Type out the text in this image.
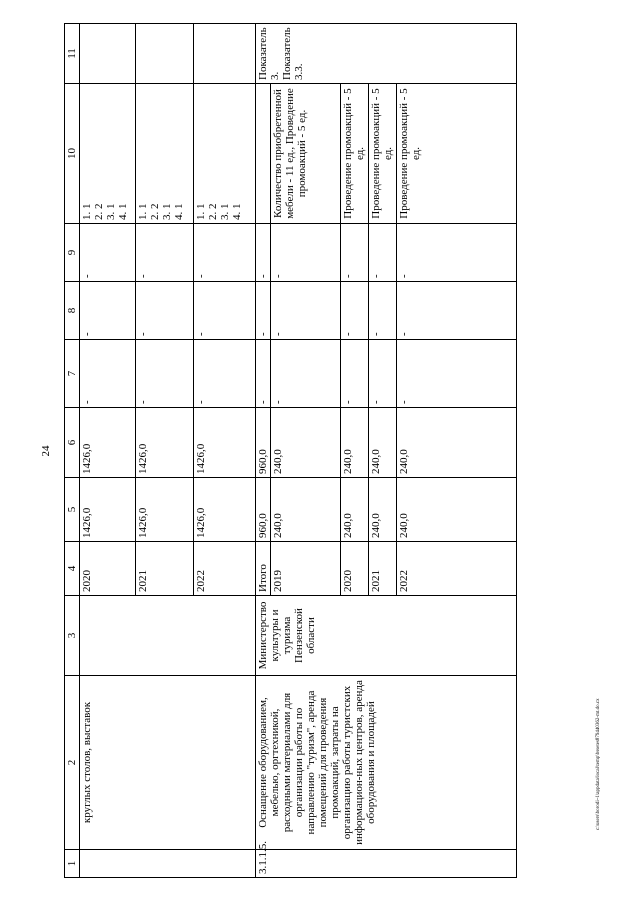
24
1	2	3	4	5	6	7	8	9	10	11
	круглых столов, выставок		2020	1426,0	1426,0	-	-	-	1. 1
2. 2
3. 1
4. 1	
			2021	1426,0	1426,0	-	-	-	1. 1
2. 2
3. 1
4. 1	
			2022	1426,0	1426,0	-	-	-	1. 1
2. 2
3. 1
4. 1	
3.1.1.5.	Оснащение оборудованием, мебелью, оргтехникой, расходными материалами для организации работы по направлению "туризм", аренда помещений для проведения промоакций, затраты на организацию работы туристских информацион-ных центров, аренда оборудования и площадей	Министерство культуры и туризма Пензенской области	Итого	960,0	960,0	-	-	-		Показатель 3. Показатель 3.3.
			2019	240,0	240,0	-	-	-	Количество приобретенной мебели - 11 ед., Проведение промоакций - 5 ед.	
			2020	240,0	240,0	-	-	-	Проведение промоакций - 5 ед.	
			2021	240,0	240,0	-	-	-	Проведение промоакций - 5 ед.	
			2022	240,0	240,0	-	-	-	Проведение промоакций - 5 ед.	
c:\users\borodi~1\appdata\local\temp\bssetes879440362-mt.do.cx
